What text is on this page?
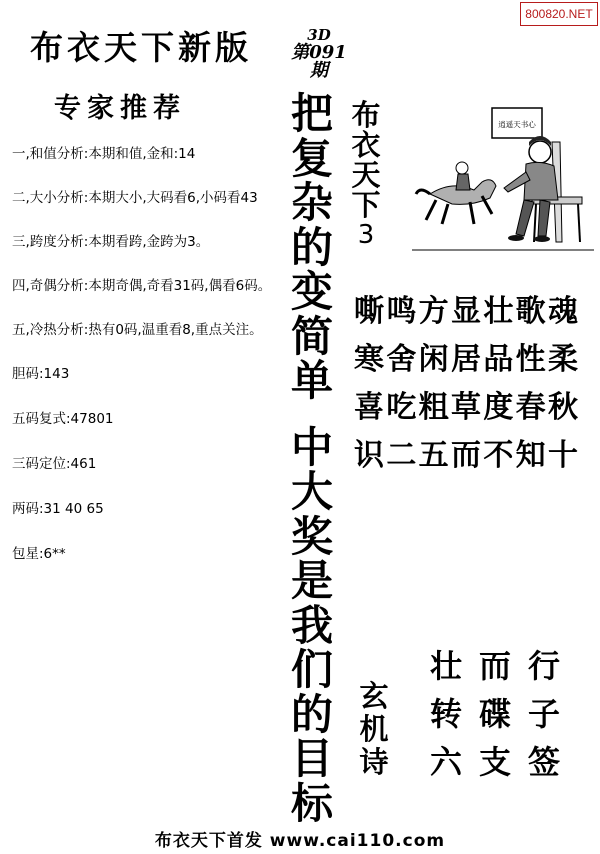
800820.NET
布衣天下新版	3D
第091期
专家推荐
一,和值分析:本期和值,金和:14
二,大小分析:本期大小,大码看6,小码看43
三,跨度分析:本期看跨,金跨为3。
四,奇偶分析:本期奇偶,奇看31码,偶看6码。
五,冷热分析:热有0码,温重看8,重点关注。
胆码:143
五码复式:47801
三码定位:461
两码:31 40 65
包星:6**
把
复
杂
的
变
简
单
中
大
奖
是
我
们
的
目
标
布
衣
天
下
3
逍遥天书心
嘶 鸣 方 显 壮 歌 魂
寒 舍 闲 居 品 性 柔
喜 吃 粗 草 度 春 秋
识 二 五 而 不 知 十
玄
机
诗
壮 而 行
转 碟 子
六 支 签
布衣天下首发 www.cai110.com
